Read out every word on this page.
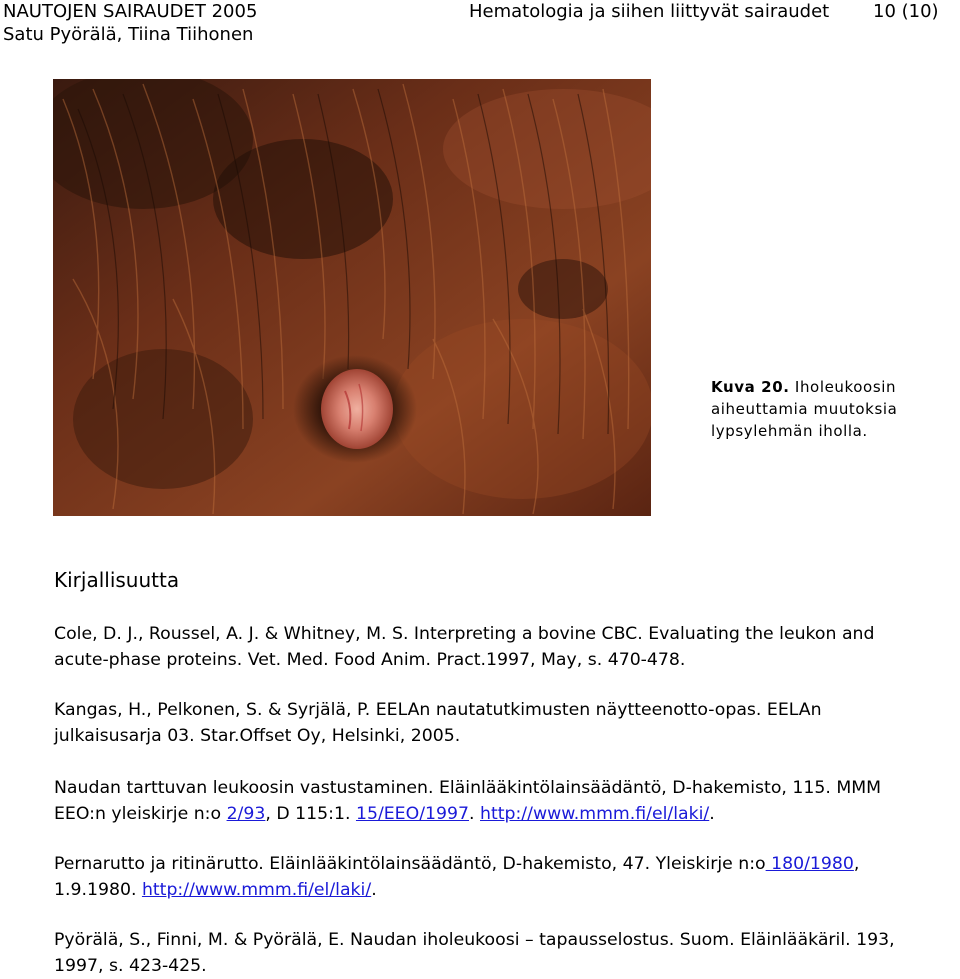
NAUTOJEN SAIRAUDET 2005
Satu Pyörälä, Tiina Tiihonen
Hematologia ja siihen liittyvät sairaudet 10 (10)
Kuva 20. Iholeukoosin aiheuttamia muutoksia lypsylehmän iholla.
Kirjallisuutta
Cole, D. J., Roussel, A. J. & Whitney, M. S. Interpreting a bovine CBC. Evaluating the leukon and acute-phase proteins. Vet. Med. Food Anim. Pract.1997, May, s. 470-478.
Kangas, H., Pelkonen, S. & Syrjälä, P. EELAn nautatutkimusten näytteenotto-opas. EELAn julkaisusarja 03. Star.Offset Oy, Helsinki, 2005.
Naudan tarttuvan leukoosin vastustaminen. Eläinlääkintölainsäädäntö, D-hakemisto, 115. MMM EEO:n yleiskirje n:o 2/93, D 115:1. 15/EEO/1997. http://www.mmm.fi/el/laki/.
Pernarutto ja ritinärutto. Eläinlääkintölainsäädäntö, D-hakemisto, 47. Yleiskirje n:o 180/1980, 1.9.1980. http://www.mmm.fi/el/laki/.
Pyörälä, S., Finni, M. & Pyörälä, E. Naudan iholeukoosi – tapausselostus. Suom. Eläinlääkäril. 193, 1997, s. 423-425.
